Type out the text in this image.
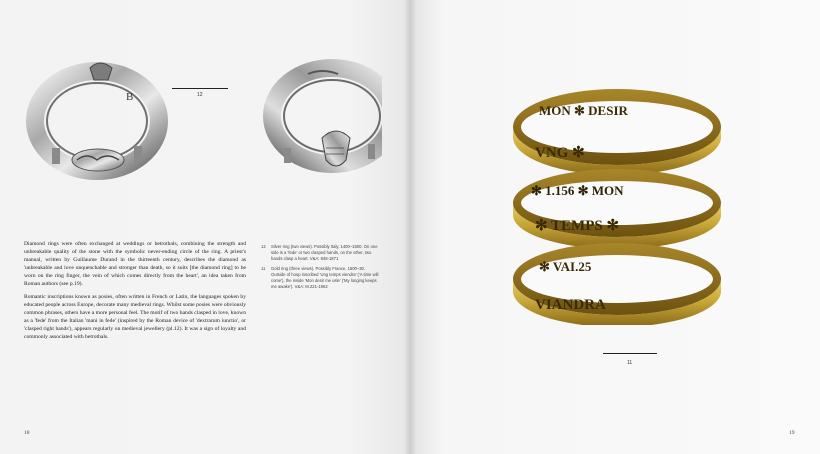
B	12

Diamond rings were often exchanged at weddings or betrothals, combining the strength and unbreakable quality of the stone with the symbolic never-ending circle of the ring. A priest's manual, written by Guillaume Durand in the thirteenth century, describes the diamond as 'unbreakable and love unquenchable and stronger than death, so it suits [the diamond ring] to be worn on the ring finger, the vein of which comes directly from the heart', an idea taken from Roman authors (see p.19).

Romantic inscriptions known as posies, often written in French or Latin, the languages spoken by educated people across Europe, decorate many medieval rings. Whilst some posies were obviously common phrases, others have a more personal feel. The motif of two hands clasped in love, known as a 'fede' from the Italian 'mani in fede' (inspired by the Roman device of 'dextrarum iunctio', or 'clasped right hands'), appears regularly on medieval jewellery (pl.12). It was a sign of loyalty and commonly associated with betrothals.

12	Silver ring (two views). Possibly Italy, 1400–1500. On one side is a 'fede' or two clasped hands, on the other, two hands clasp a heart. V&A: 848-1871
11	Gold ring (three views). Possibly France, 1500–30. Outside of hoop inscribed 'Ung temps viendra' ('A time will come'), the inside 'Mon desir me usle' ('My longing keeps me awake'). V&A: M.221-1962
18
MON ✻ DESIR
VNG ✻
✻ 1.156 ✻ MON
✻ TEMPS ✻
✻ VAI.25
VIANDRA
11
19
